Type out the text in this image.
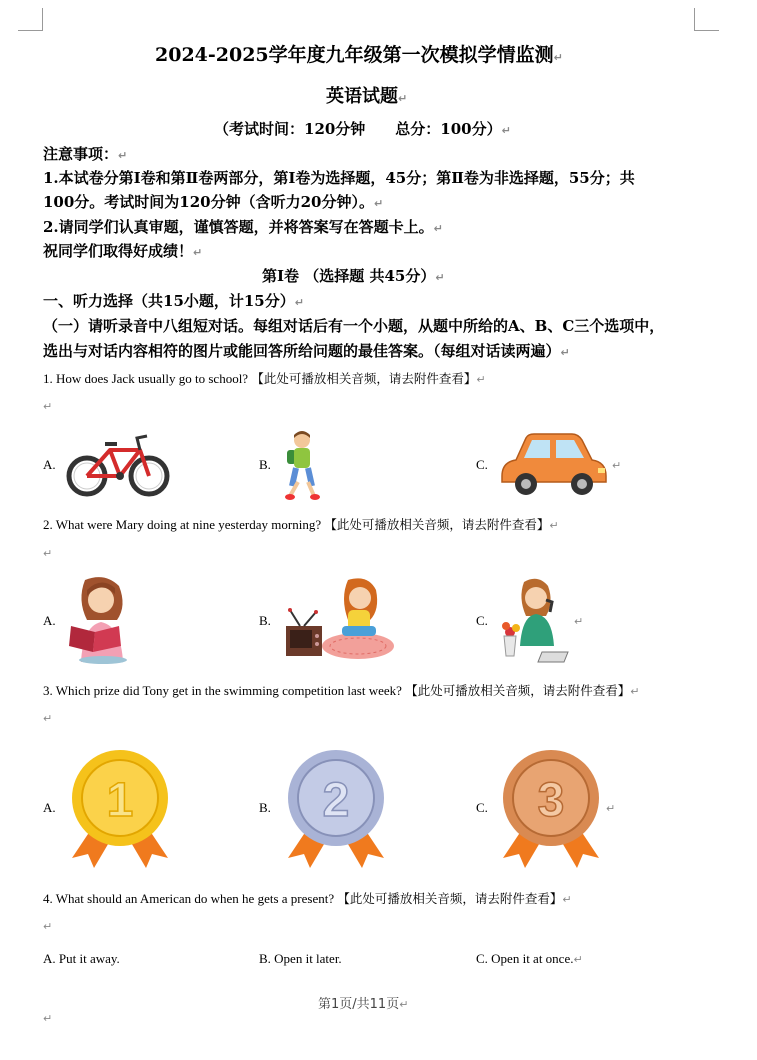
2024-2025学年度九年级第一次模拟学情监测↵
英语试题↵
（考试时间：120分钟　　总分：100分）↵
注意事项：↵
1.本试卷分第Ⅰ卷和第Ⅱ卷两部分，第Ⅰ卷为选择题，45分；第Ⅱ卷为非选择题，55分；共
100分。考试时间为120分钟（含听力20分钟）。↵
2.请同学们认真审题，谨慎答题，并将答案写在答题卡上。↵
祝同学们取得好成绩！↵
第Ⅰ卷 （选择题 共45分）↵
一、听力选择（共15小题，计15分）↵
（一）请听录音中八组短对话。每组对话后有一个小题，从题中所给的A、B、C三个选项中，
选出与对话内容相符的图片或能回答所给问题的最佳答案。（每组对话读两遍）↵
1. How does Jack usually go to school? 【此处可播放相关音频，请去附件查看】↵
↵
A.	B.	C.	↵
2. What were Mary doing at nine yesterday morning? 【此处可播放相关音频，请去附件查看】↵
↵
A.	B.	C.	↵
3. Which prize did Tony get in the swimming competition last week? 【此处可播放相关音频，请去附件查看】↵
↵
A.	B.	C.	↵
1	2	3
4. What should an American do when he gets a present? 【此处可播放相关音频，请去附件查看】↵
↵
A. Put it away.	B. Open it later.	C. Open it at once.↵
第1页/共11页↵
↵
